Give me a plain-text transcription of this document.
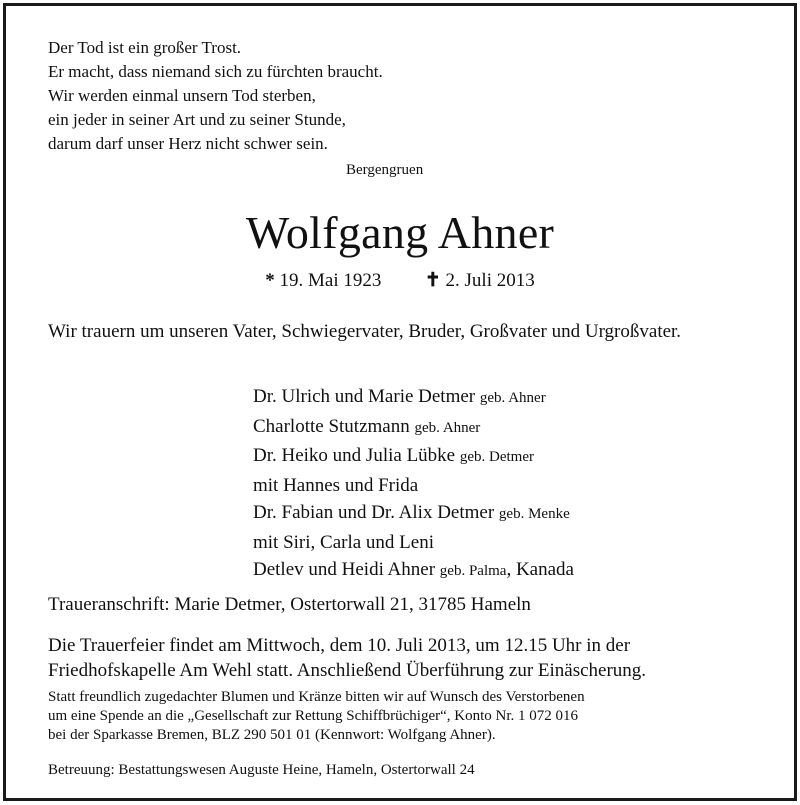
Der Tod ist ein großer Trost.
Er macht, dass niemand sich zu fürchten braucht.
Wir werden einmal unsern Tod sterben,
ein jeder in seiner Art und zu seiner Stunde,
darum darf unser Herz nicht schwer sein.
Bergengruen
Wolfgang Ahner
* 19. Mai 1923 ✝ 2. Juli 2013
Wir trauern um unseren Vater, Schwiegervater, Bruder, Großvater und Urgroßvater.
Dr. Ulrich und Marie Detmer geb. Ahner
Charlotte Stutzmann geb. Ahner
Dr. Heiko und Julia Lübke geb. Detmer
mit Hannes und Frida
Dr. Fabian und Dr. Alix Detmer geb. Menke
mit Siri, Carla und Leni
Detlev und Heidi Ahner geb. Palma, Kanada
Traueranschrift: Marie Detmer, Ostertorwall 21, 31785 Hameln
Die Trauerfeier findet am Mittwoch, dem 10. Juli 2013, um 12.15 Uhr in der
Friedhofskapelle Am Wehl statt. Anschließend Überführung zur Einäscherung.
Statt freundlich zugedachter Blumen und Kränze bitten wir auf Wunsch des Verstorbenen
um eine Spende an die „Gesellschaft zur Rettung Schiffbrüchiger“, Konto Nr. 1 072 016
bei der Sparkasse Bremen, BLZ 290 501 01 (Kennwort: Wolfgang Ahner).
Betreuung: Bestattungswesen Auguste Heine, Hameln, Ostertorwall 24
